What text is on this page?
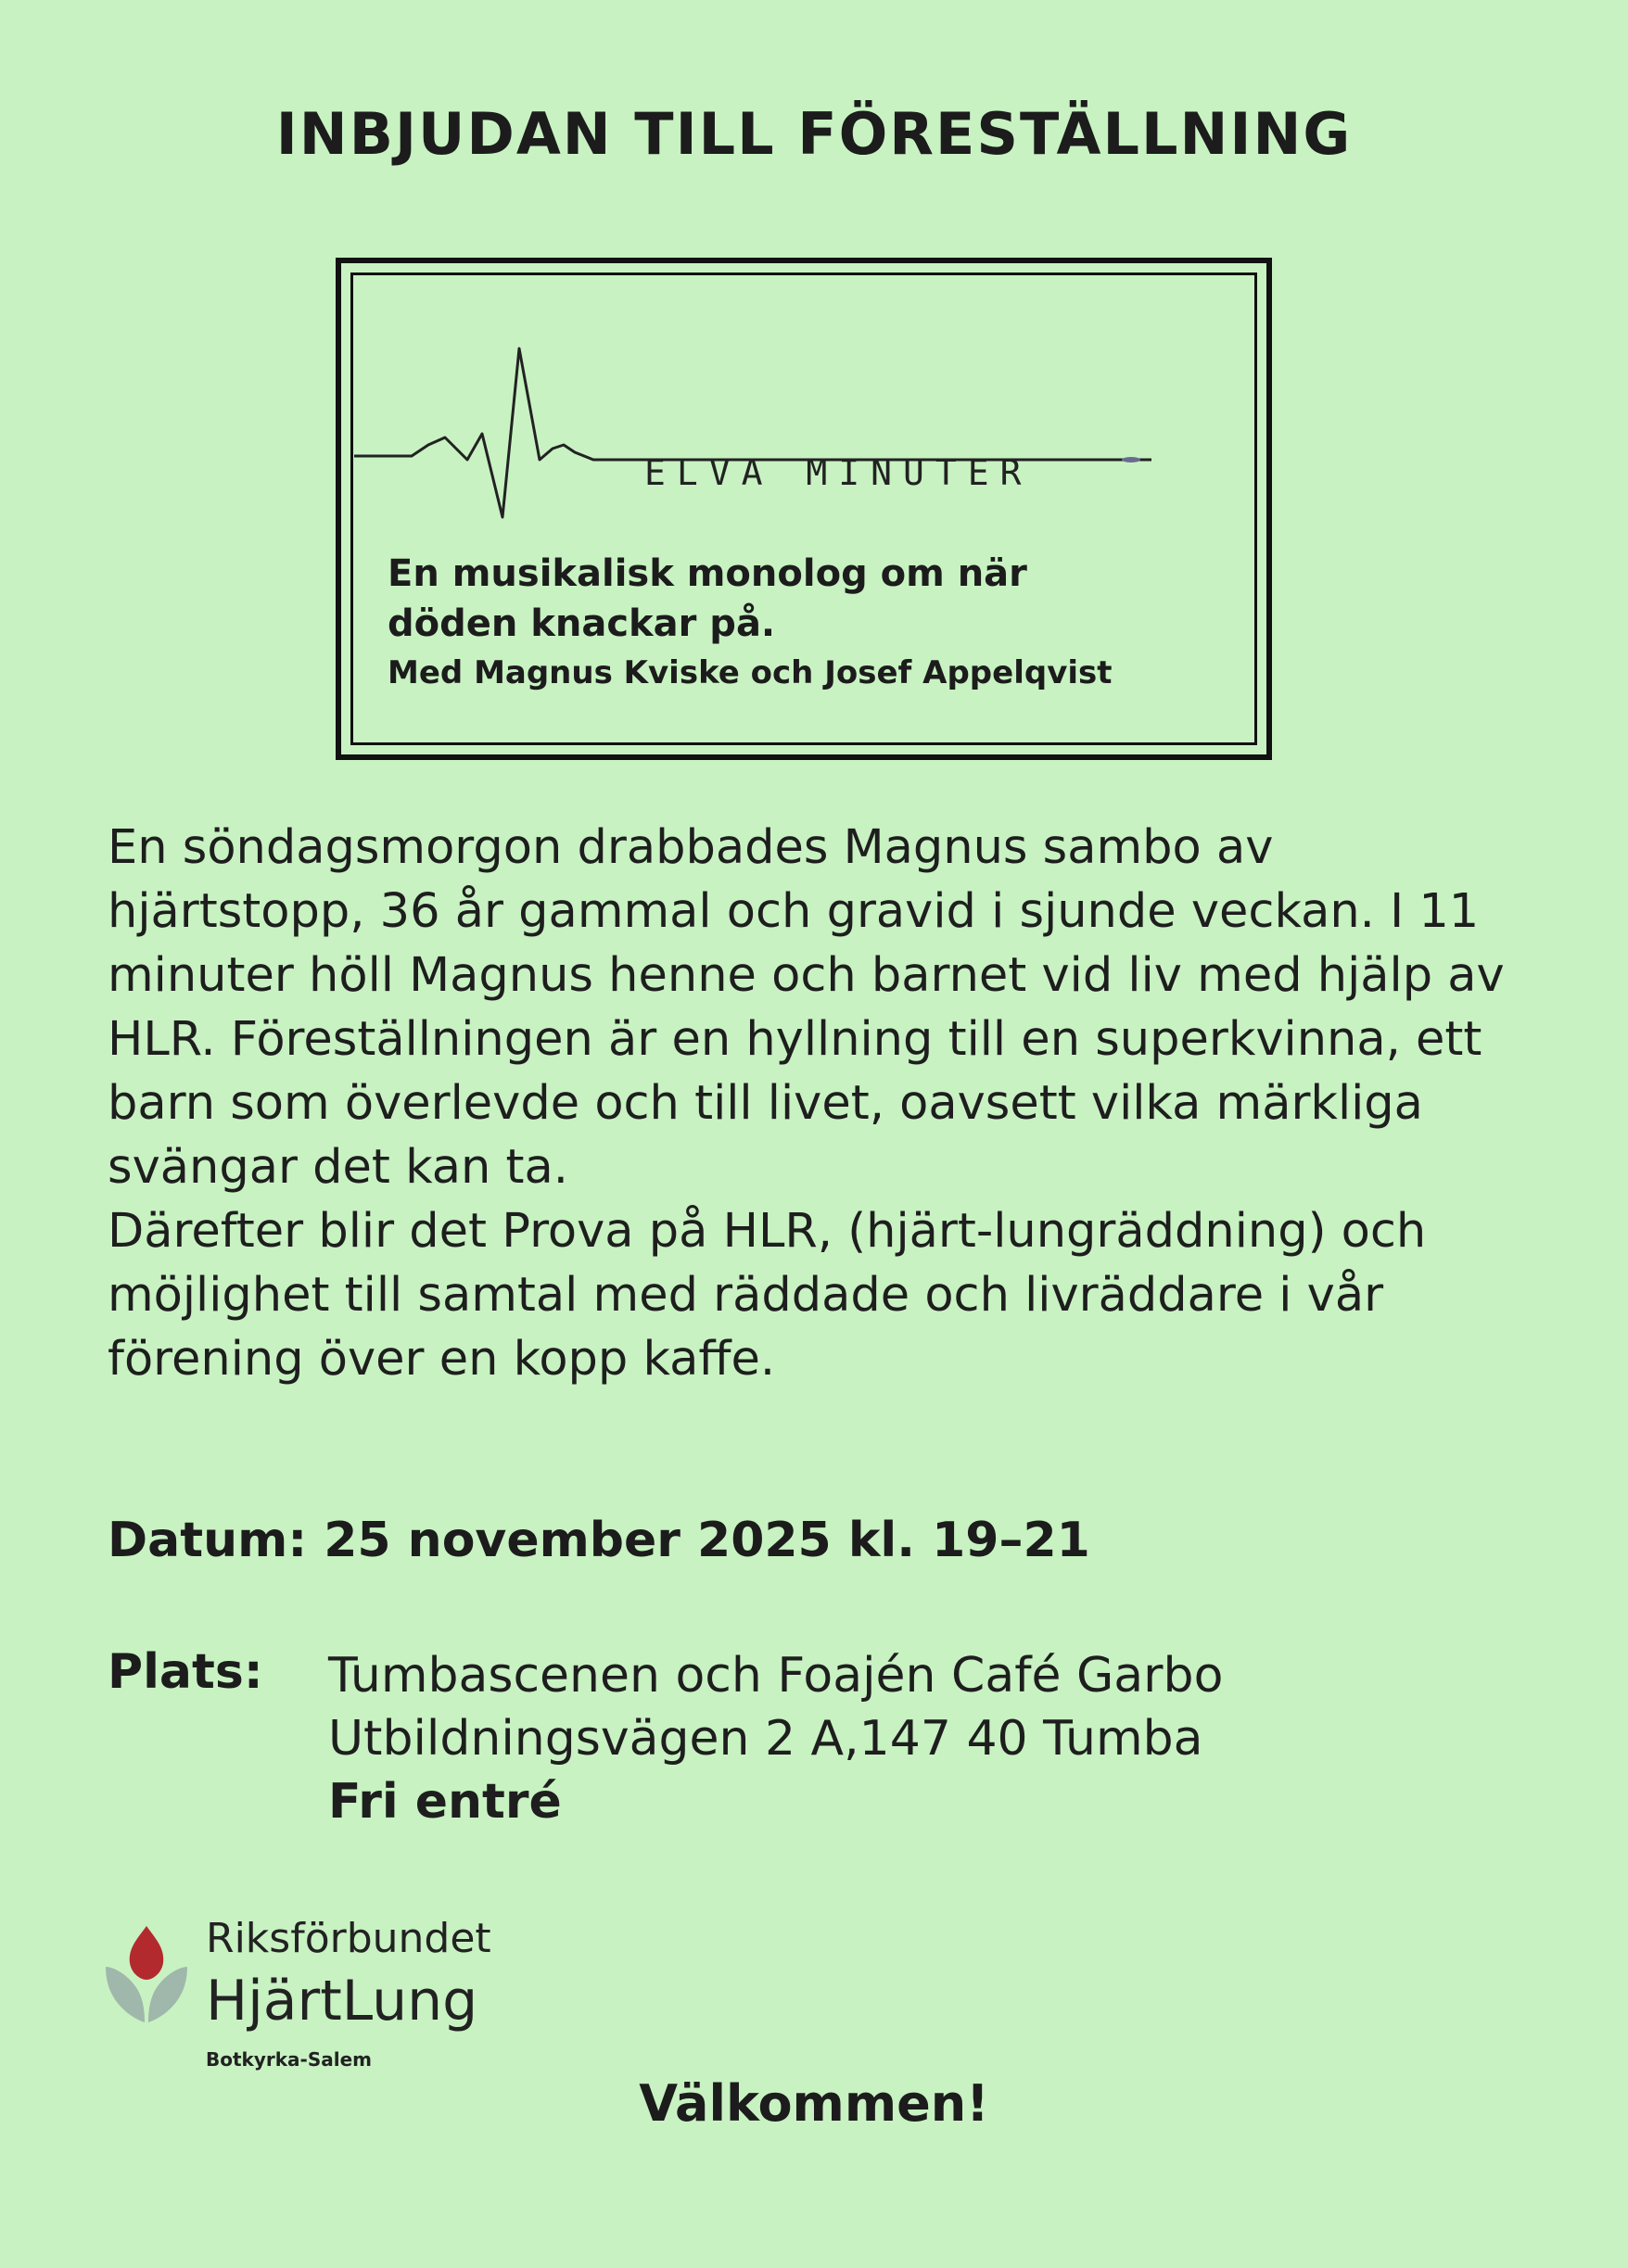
INBJUDAN TILL FÖRESTÄLLNING
ELVA MINUTER
En musikalisk monolog om när
döden knackar på.
Med Magnus Kviske och Josef Appelqvist

En söndagsmorgon drabbades Magnus sambo av hjärtstopp, 36 år gammal och gravid i sjunde veckan. I 11 minuter höll Magnus henne och barnet vid liv med hjälp av HLR. Föreställningen är en hyllning till en superkvinna, ett barn som överlevde och till livet, oavsett vilka märkliga svängar det kan ta.

Därefter blir det Prova på HLR, (hjärt-lungräddning) och möjlighet till samtal med räddade och livräddare i vår förening över en kopp kaffe.

Datum: 25 november 2025 kl. 19–21
Plats: Tumbascenen och Foajén Café Garbo
Utbildningsvägen 2 A,147 40 Tumba
Fri entré
Riksförbundet
HjärtLung
Botkyrka-Salem
Välkommen!
